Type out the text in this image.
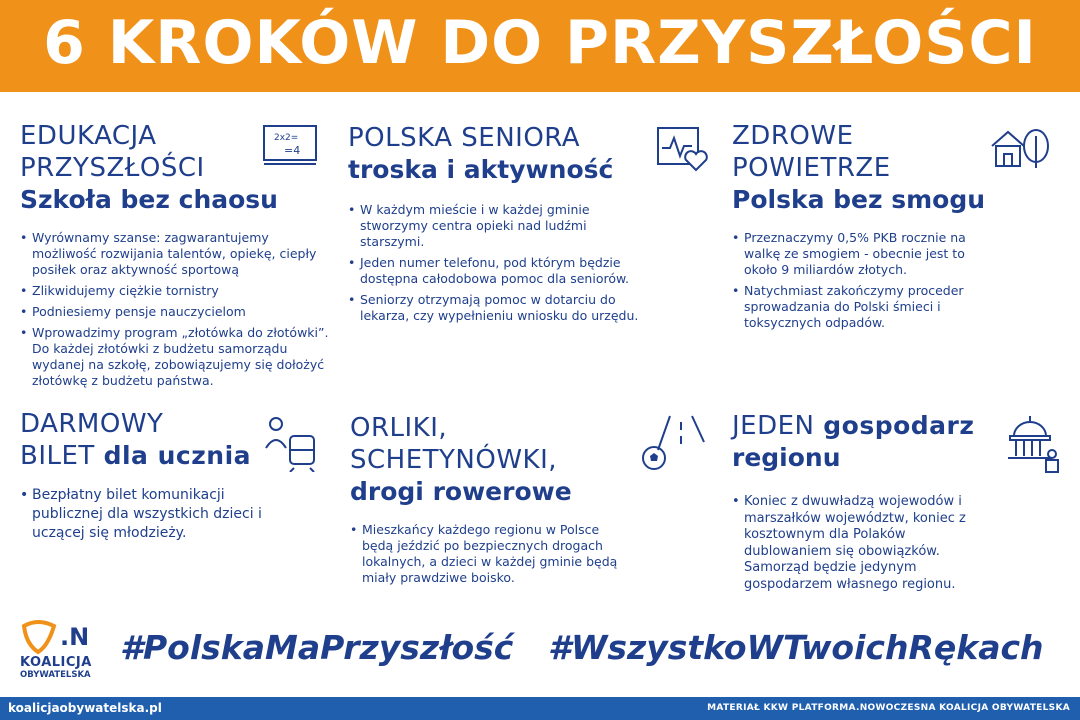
6 KROKÓW DO PRZYSZŁOŚCI
EDUKACJA
PRZYSZŁOŚCI
Szkoła bez chaosu
• Wyrównamy szanse: zagwarantujemy możliwość rozwijania talentów, opiekę, ciepły posiłek oraz aktywność sportową
• Zlikwidujemy ciężkie tornistry
• Podniesiemy pensje nauczycielom
• Wprowadzimy program „złotówka do złotówki”. Do każdej złotówki z budżetu samorządu wydanej na szkołę, zobowiązujemy się dołożyć złotówkę z budżetu państwa.
2x2=
=4 POLSKA SENIORA
troska i aktywność
• W każdym mieście i w każdej gminie stworzymy centra opieki nad ludźmi starszymi.
• Jeden numer telefonu, pod którym będzie dostępna całodobowa pomoc dla seniorów.
• Seniorzy otrzymają pomoc w dotarciu do lekarza, czy wypełnieniu wniosku do urzędu.
ZDROWE
POWIETRZE
Polska bez smogu
• Przeznaczymy 0,5% PKB rocznie na walkę ze smogiem - obecnie jest to około 9 miliardów złotych.
• Natychmiast zakończymy proceder sprowadzania do Polski śmieci i toksycznych odpadów.
DARMOWY
BILET dla ucznia
• Bezpłatny bilet komunikacji publicznej dla wszystkich dzieci i uczącej się młodzieży.
ORLIKI,
SCHETYNÓWKI,
drogi rowerowe
• Mieszkańcy każdego regionu w Polsce będą jeździć po bezpiecznych drogach lokalnych, a dzieci w każdej gminie będą miały prawdziwe boisko.
JEDEN gospodarz
regionu
• Koniec z dwuwładzą wojewodów i marszałków województw, koniec z kosztownym dla Polaków dublowaniem się obowiązków. Samorząd będzie jedynym gospodarzem własnego regionu.
.N
KOALICJA
OBYWATELSKA
#PolskaMaPrzyszłość #WszystkoWTwoichRękach
koalicjaobywatelska.pl	MATERIAŁ KKW PLATFORMA.NOWOCZESNA KOALICJA OBYWATELSKA
